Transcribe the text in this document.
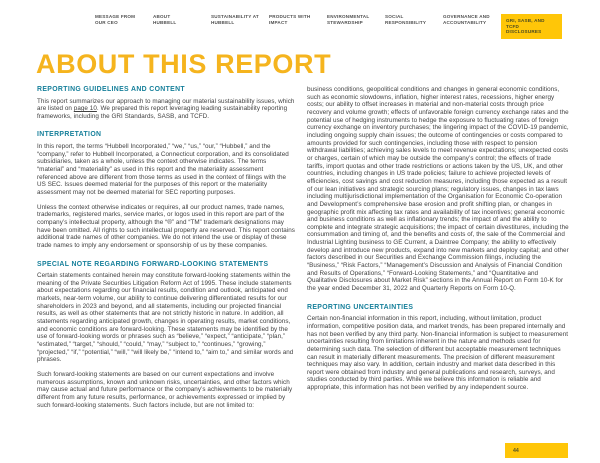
MESSAGE FROM
OUR CEO
ABOUT
HUBBELL
SUSTAINABILITY AT
HUBBELL
PRODUCTS WITH
IMPACT
ENVIRONMENTAL
STEWARDSHIP
SOCIAL
RESPONSIBILITY
GOVERNANCE AND
ACCOUNTABILITY	GRI, SASB, AND TCFD
DISCLOSURES
ABOUT THIS REPORT
REPORTING GUIDELINES AND CONTENT

This report summarizes our approach to managing our material sustainability issues, which are listed on page 10. We prepared this report leveraging leading sustainability reporting frameworks, including the GRI Standards, SASB, and TCFD.

INTERPRETATION

In this report, the terms “Hubbell Incorporated,” “we,” “us,” “our,” “Hubbell,” and the “company,” refer to Hubbell Incorporated, a Connecticut corporation, and its consolidated subsidiaries, taken as a whole, unless the context otherwise indicates. The terms “material” and “materiality” as used in this report and the materiality assessment referenced above are different from those terms as used in the context of filings with the US SEC. Issues deemed material for the purposes of this report or the materiality assessment may not be deemed material for SEC reporting purposes.

Unless the context otherwise indicates or requires, all our product names, trade names, trademarks, registered marks, service marks, or logos used in this report are part of the company’s intellectual property, although the “®” and “TM” trademark designations may have been omitted. All rights to such intellectual property are reserved. This report contains additional trade names of other companies. We do not intend the use or display of these trade names to imply any endorsement or sponsorship of us by these companies.

SPECIAL NOTE REGARDING FORWARD-LOOKING STATEMENTS

Certain statements contained herein may constitute forward-looking statements within the meaning of the Private Securities Litigation Reform Act of 1995. These include statements about expectations regarding our financial results, condition and outlook, anticipated end markets, near-term volume, our ability to continue delivering differentiated results for our shareholders in 2023 and beyond, and all statements, including our projected financial results, as well as other statements that are not strictly historic in nature. In addition, all statements regarding anticipated growth, changes in operating results, market conditions, and economic conditions are forward-looking. These statements may be identified by the use of forward-looking words or phrases such as “believe,” “expect,” “anticipate,” “plan,” “estimated,” “target,” “should,” “could,” “may,” “subject to,” “continues,” “growing,” “projected,” “if,” “potential,” “will,” “will likely be,” “intend to,” “aim to,” and similar words and phrases.

Such forward-looking statements are based on our current expectations and involve numerous assumptions, known and unknown risks, uncertainties, and other factors which may cause actual and future performance or the company’s achievements to be materially different from any future results, performance, or achievements expressed or implied by such forward-looking statements. Such factors include, but are not limited to:

business conditions, geopolitical conditions and changes in general economic conditions, such as economic slowdowns, inflation, higher interest rates, recessions, higher energy costs; our ability to offset increases in material and non-material costs through price recovery and volume growth; effects of unfavorable foreign currency exchange rates and the potential use of hedging instruments to hedge the exposure to fluctuating rates of foreign currency exchange on inventory purchases; the lingering impact of the COVID-19 pandemic, including ongoing supply chain issues; the outcome of contingencies or costs compared to amounts provided for such contingencies, including those with respect to pension withdrawal liabilities; achieving sales levels to meet revenue expectations; unexpected costs or charges, certain of which may be outside the company’s control; the effects of trade tariffs, import quotas and other trade restrictions or actions taken by the US, UK, and other countries, including changes in US trade policies; failure to achieve projected levels of efficiencies, cost savings and cost reduction measures, including those expected as a result of our lean initiatives and strategic sourcing plans; regulatory issues, changes in tax laws including multijurisdictional implementation of the Organisation for Economic Co-operation and Development’s comprehensive base erosion and profit shifting plan, or changes in geographic profit mix affecting tax rates and availability of tax incentives; general economic and business conditions as well as inflationary trends; the impact of and the ability to complete and integrate strategic acquisitions; the impact of certain divestitures, including the consummation and timing of, and the benefits and costs of, the sale of the Commercial and Industrial Lighting business to GE Current, a Daintree Company; the ability to effectively develop and introduce new products, expand into new markets and deploy capital; and other factors described in our Securities and Exchange Commission filings, including the “Business,” “Risk Factors,” “Management’s Discussion and Analysis of Financial Condition and Results of Operations,” “Forward-Looking Statements,” and “Quantitative and Qualitative Disclosures about Market Risk” sections in the Annual Report on Form 10-K for the year ended December 31, 2022 and Quarterly Reports on Form 10-Q.

REPORTING UNCERTAINTIES

Certain non-financial information in this report, including, without limitation, product information, competitive position data, and market trends, has been prepared internally and has not been verified by any third party. Non-financial information is subject to measurement uncertainties resulting from limitations inherent in the nature and methods used for determining such data. The selection of different but acceptable measurement techniques can result in materially different measurements. The precision of different measurement techniques may also vary. In addition, certain industry and market data described in this report were obtained from industry and general publications and research, surveys, and studies conducted by third parties. While we believe this information is reliable and appropriate, this information has not been verified by any independent source.

44
